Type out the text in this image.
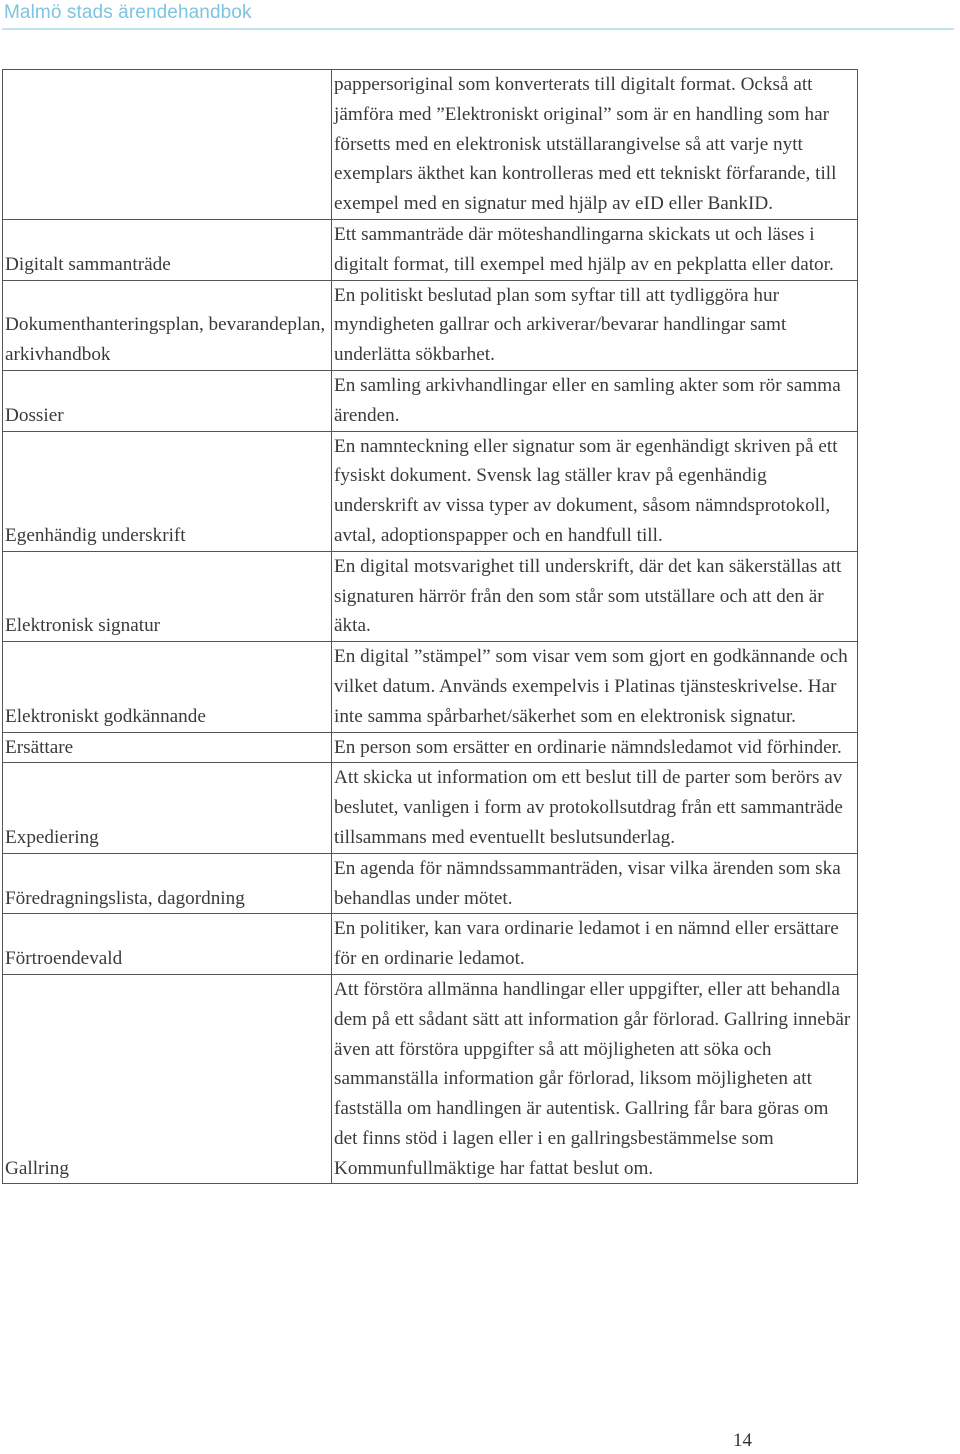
Malmö stads ärendehandbok
	pappersoriginal som konverterats till digitalt format. Också att jämföra med ”Elektroniskt original” som är en handling som har försetts med en elektronisk utställarangivelse så att varje nytt exemplars äkthet kan kontrolleras med ett tekniskt förfarande, till exempel med en signatur med hjälp av eID eller BankID.
Digitalt sammanträde	Ett sammanträde där möteshandlingarna skickats ut och läses i digitalt format, till exempel med hjälp av en pekplatta eller dator.
Dokumenthanteringsplan, bevarandeplan, arkivhandbok	En politiskt beslutad plan som syftar till att tydliggöra hur myndigheten gallrar och arkiverar/bevarar handlingar samt underlätta sökbarhet.
Dossier	En samling arkivhandlingar eller en samling akter som rör samma ärenden.
Egenhändig underskrift	En namnteckning eller signatur som är egenhändigt skriven på ett fysiskt dokument. Svensk lag ställer krav på egenhändig underskrift av vissa typer av dokument, såsom nämndsprotokoll, avtal, adoptionspapper och en handfull till.
Elektronisk signatur	En digital motsvarighet till underskrift, där det kan säkerställas att signaturen härrör från den som står som utställare och att den är äkta.
Elektroniskt godkännande	En digital ”stämpel” som visar vem som gjort en godkännande och vilket datum. Används exempelvis i Platinas tjänsteskrivelse. Har inte samma spårbarhet/säkerhet som en elektronisk signatur.
Ersättare	En person som ersätter en ordinarie nämndsledamot vid förhinder.
Expediering	Att skicka ut information om ett beslut till de parter som berörs av beslutet, vanligen i form av protokollsutdrag från ett sammanträde tillsammans med eventuellt beslutsunderlag.
Föredragningslista, dagordning	En agenda för nämndssammanträden, visar vilka ärenden som ska behandlas under mötet.
Förtroendevald	En politiker, kan vara ordinarie ledamot i en nämnd eller ersättare för en ordinarie ledamot.
Gallring	Att förstöra allmänna handlingar eller uppgifter, eller att behandla dem på ett sådant sätt att information går förlorad. Gallring innebär även att förstöra uppgifter så att möjligheten att söka och sammanställa information går förlorad, liksom möjligheten att fastställa om handlingen är autentisk. Gallring får bara göras om det finns stöd i lagen eller i en gallringsbestämmelse som Kommunfullmäktige har fattat beslut om.
14
